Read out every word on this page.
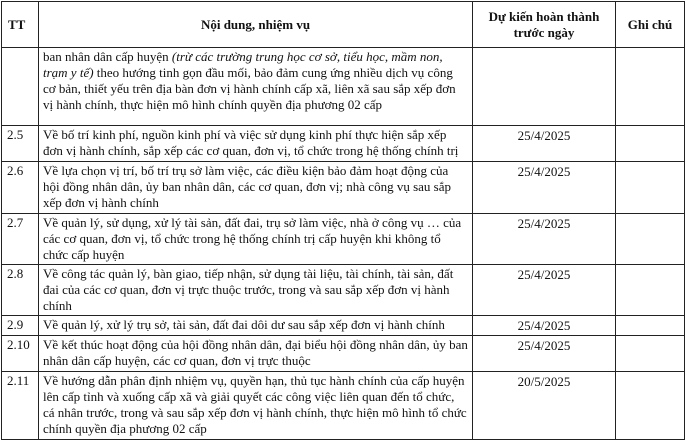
TT	Nội dung, nhiệm vụ	Dự kiến hoàn thành trước ngày	Ghi chú
	ban nhân dân cấp huyện (trừ các trường trung học cơ sở, tiểu học, mầm non, trạm y tế) theo hướng tinh gọn đầu mối, bảo đảm cung ứng nhiều dịch vụ công cơ bản, thiết yếu trên địa bàn đơn vị hành chính cấp xã, liên xã sau sắp xếp đơn vị hành chính, thực hiện mô hình chính quyền địa phương 02 cấp		
2.5	Về bố trí kinh phí, nguồn kinh phí và việc sử dụng kinh phí thực hiện sắp xếp đơn vị hành chính, sắp xếp các cơ quan, đơn vị, tổ chức trong hệ thống chính trị	25/4/2025	
2.6	Về lựa chọn vị trí, bố trí trụ sở làm việc, các điều kiện bảo đảm hoạt động của hội đồng nhân dân, ủy ban nhân dân, các cơ quan, đơn vị; nhà công vụ sau sắp xếp đơn vị hành chính	25/4/2025	
2.7	Về quản lý, sử dụng, xử lý tài sản, đất đai, trụ sở làm việc, nhà ở công vụ … của các cơ quan, đơn vị, tổ chức trong hệ thống chính trị cấp huyện khi không tổ chức cấp huyện	25/4/2025	
2.8	Về công tác quản lý, bàn giao, tiếp nhận, sử dụng tài liệu, tài chính, tài sản, đất đai của các cơ quan, đơn vị trực thuộc trước, trong và sau sắp xếp đơn vị hành chính	25/4/2025	
2.9	Về quản lý, xử lý trụ sở, tài sản, đất đai dôi dư sau sắp xếp đơn vị hành chính	25/4/2025	
2.10	Về kết thúc hoạt động của hội đồng nhân dân, đại biểu hội đồng nhân dân, ủy ban nhân dân cấp huyện, các cơ quan, đơn vị trực thuộc	25/4/2025	
2.11	Về hướng dẫn phân định nhiệm vụ, quyền hạn, thủ tục hành chính của cấp huyện lên cấp tỉnh và xuống cấp xã và giải quyết các công việc liên quan đến tổ chức, cá nhân trước, trong và sau sắp xếp đơn vị hành chính, thực hiện mô hình tổ chức chính quyền địa phương 02 cấp	20/5/2025	
